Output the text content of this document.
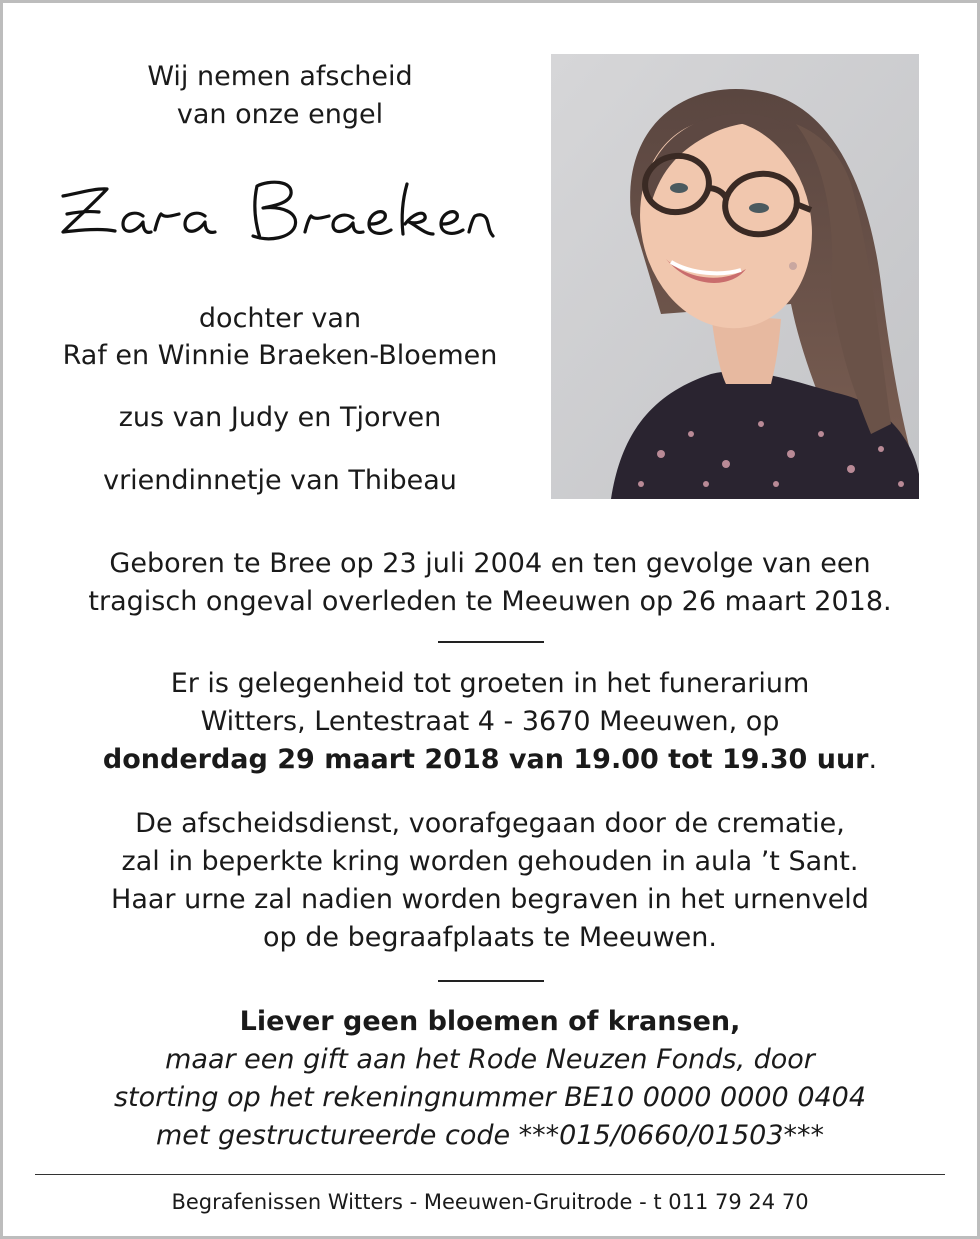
Wij nemen afscheid
van onze engel
dochter van
Raf en Winnie Braeken-Bloemen
zus van Judy en Tjorven
vriendinnetje van Thibeau
Geboren te Bree op 23 juli 2004 en ten gevolge van een
tragisch ongeval overleden te Meeuwen op 26 maart 2018.
Er is gelegenheid tot groeten in het funerarium
Witters, Lentestraat 4 - 3670 Meeuwen, op
donderdag 29 maart 2018 van 19.00 tot 19.30 uur.
De afscheidsdienst, voorafgegaan door de crematie,
zal in beperkte kring worden gehouden in aula ’t Sant.
Haar urne zal nadien worden begraven in het urnenveld
op de begraafplaats te Meeuwen.
Liever geen bloemen of kransen,
maar een gift aan het Rode Neuzen Fonds, door
storting op het rekeningnummer BE10 0000 0000 0404
met gestructureerde code ***015/0660/01503***
Begrafenissen Witters - Meeuwen-Gruitrode - t 011 79 24 70
